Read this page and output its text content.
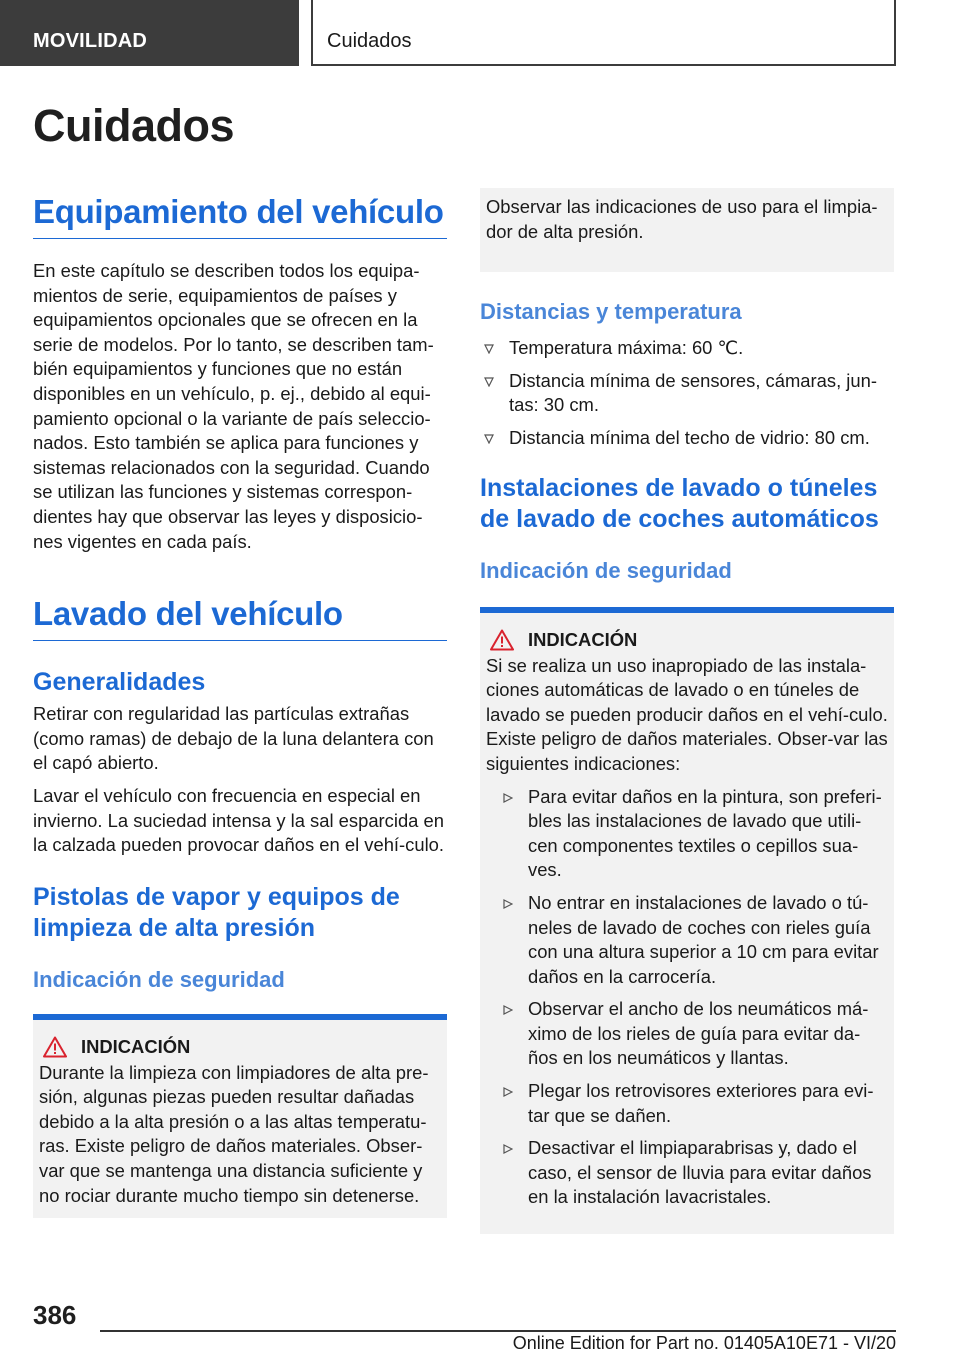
MOVILIDAD	Cuidados
Cuidados
Equipamiento del vehículo

En este capítulo se describen todos los equipa-mientos de serie, equipamientos de países y equipamientos opcionales que se ofrecen en la serie de modelos. Por lo tanto, se describen tam-bién equipamientos y funciones que no están disponibles en un vehículo, p. ej., debido al equi-pamiento opcional o la variante de país seleccio-nados. Esto también se aplica para funciones y sistemas relacionados con la seguridad. Cuando se utilizan las funciones y sistemas correspon-dientes hay que observar las leyes y disposicio-nes vigentes en cada país.

Lavado del vehículo
Generalidades

Retirar con regularidad las partículas extrañas (como ramas) de debajo de la luna delantera con el capó abierto.

Lavar el vehículo con frecuencia en especial en invierno. La suciedad intensa y la sal esparcida en la calzada pueden provocar daños en el vehí-culo.

Pistolas de vapor y equipos de limpieza de alta presión
Indicación de seguridad
INDICACIÓN

Durante la limpieza con limpiadores de alta pre-sión, algunas piezas pueden resultar dañadas debido a la alta presión o a las altas temperatu-ras. Existe peligro de daños materiales. Obser-var que se mantenga una distancia suficiente y no rociar durante mucho tiempo sin detenerse.

Observar las indicaciones de uso para el limpia-dor de alta presión.

Distancias y temperatura
Temperatura máxima: 60 ℃.
Distancia mínima de sensores, cámaras, jun-tas: 30 cm.
Distancia mínima del techo de vidrio: 80 cm.
Instalaciones de lavado o túneles de lavado de coches automáticos
Indicación de seguridad
INDICACIÓN

Si se realiza un uso inapropiado de las instala-ciones automáticas de lavado o en túneles de lavado se pueden producir daños en el vehí-culo. Existe peligro de daños materiales. Obser-var las siguientes indicaciones:

Para evitar daños en la pintura, son preferi-bles las instalaciones de lavado que utili-cen componentes textiles o cepillos sua-ves.
No entrar en instalaciones de lavado o tú-neles de lavado de coches con rieles guía con una altura superior a 10 cm para evitar daños en la carrocería.
Observar el ancho de los neumáticos má-ximo de los rieles de guía para evitar da-ños en los neumáticos y llantas.
Plegar los retrovisores exteriores para evi-tar que se dañen.
Desactivar el limpiaparabrisas y, dado el caso, el sensor de lluvia para evitar daños en la instalación lavacristales.
386
Online Edition for Part no. 01405A10E71 - VI/20
